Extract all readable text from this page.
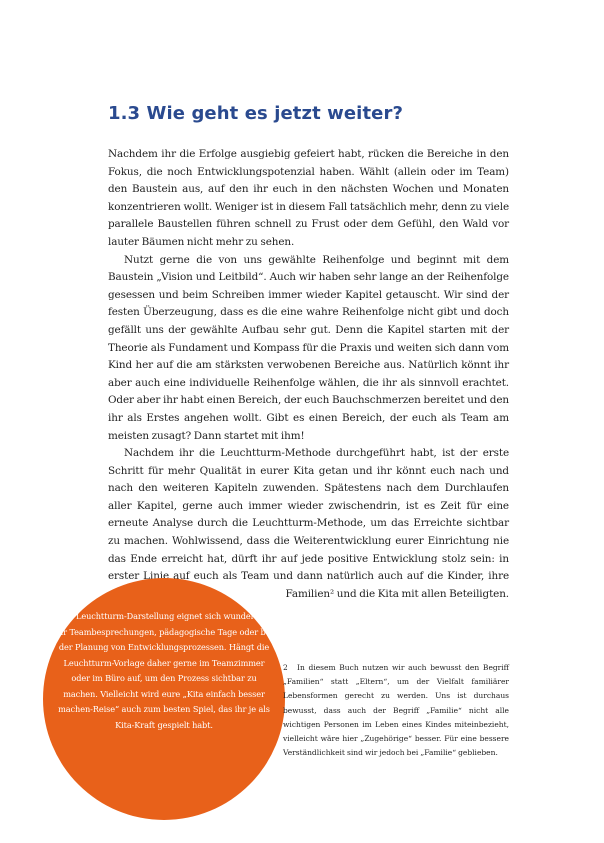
1.3 Wie geht es jetzt weiter?

Nachdem ihr die Erfolge ausgiebig gefeiert habt, rücken die Bereiche in den Fokus, die noch Entwicklungspotenzial haben. Wählt (allein oder im Team) den Baustein aus, auf den ihr euch in den nächsten Wochen und Monaten konzentrieren wollt. Weniger ist in diesem Fall tatsächlich mehr, denn zu viele parallele Baustellen führen schnell zu Frust oder dem Gefühl, den Wald vor lauter Bäumen nicht mehr zu sehen.

Nutzt gerne die von uns gewählte Reihenfolge und beginnt mit dem Baustein „Vision und Leitbild“. Auch wir haben sehr lange an der Reihenfolge gesessen und beim Schreiben immer wieder Kapitel getauscht. Wir sind der festen Überzeugung, dass es die eine wahre Reihenfolge nicht gibt und doch gefällt uns der gewählte Aufbau sehr gut. Denn die Kapitel starten mit der Theorie als Fundament und Kompass für die Praxis und weiten sich dann vom Kind her auf die am stärksten verwobenen Bereiche aus. Natürlich könnt ihr aber auch eine individuelle Reihenfolge wählen, die ihr als sinnvoll erachtet. Oder aber ihr habt einen Bereich, der euch Bauchschmerzen bereitet und den ihr als Erstes angehen wollt. Gibt es einen Bereich, der euch als Team am meisten zusagt? Dann startet mit ihm!

Nachdem ihr die Leuchtturm-Methode durchgeführt habt, ist der erste Schritt für mehr Qualität in eurer Kita getan und ihr könnt euch nach und nach den weiteren Kapiteln zuwenden. Spätestens nach dem Durchlaufen aller Kapitel, gerne auch immer wieder zwischendrin, ist es Zeit für eine erneute Analyse durch die Leuchtturm-Methode, um das Erreichte sichtbar zu machen. Wohlwissend, dass die Weiterentwicklung eurer Einrichtung nie das Ende erreicht hat, dürft ihr auf jede positive Entwicklung stolz sein: in erster Linie auf euch als Team und dann natürlich auch auf die Kinder, ihre Familien² und die Kita mit allen Beteiligten.

Die Leuchtturm-Darstellung eignet sich wunderbar für Teambesprechungen, pädagogische Tage oder bei der Planung von Entwicklungsprozessen. Hängt die Leuchtturm-Vorlage daher gerne im Teamzimmer oder im Büro auf, um den Prozess sichtbar zu machen. Vielleicht wird eure „Kita einfach besser machen-Reise“ auch zum besten Spiel, das ihr je als Kita-Kraft gespielt habt.

2 In diesem Buch nutzen wir auch bewusst den Begriff „Familien“ statt „Eltern“, um der Vielfalt familiärer Lebensformen gerecht zu werden. Uns ist durchaus bewusst, dass auch der Begriff „Familie“ nicht alle wichtigen Personen im Leben eines Kindes miteinbezieht, vielleicht wäre hier „Zugehörige“ besser. Für eine bessere Verständlichkeit sind wir jedoch bei „Familie“ geblieben.
